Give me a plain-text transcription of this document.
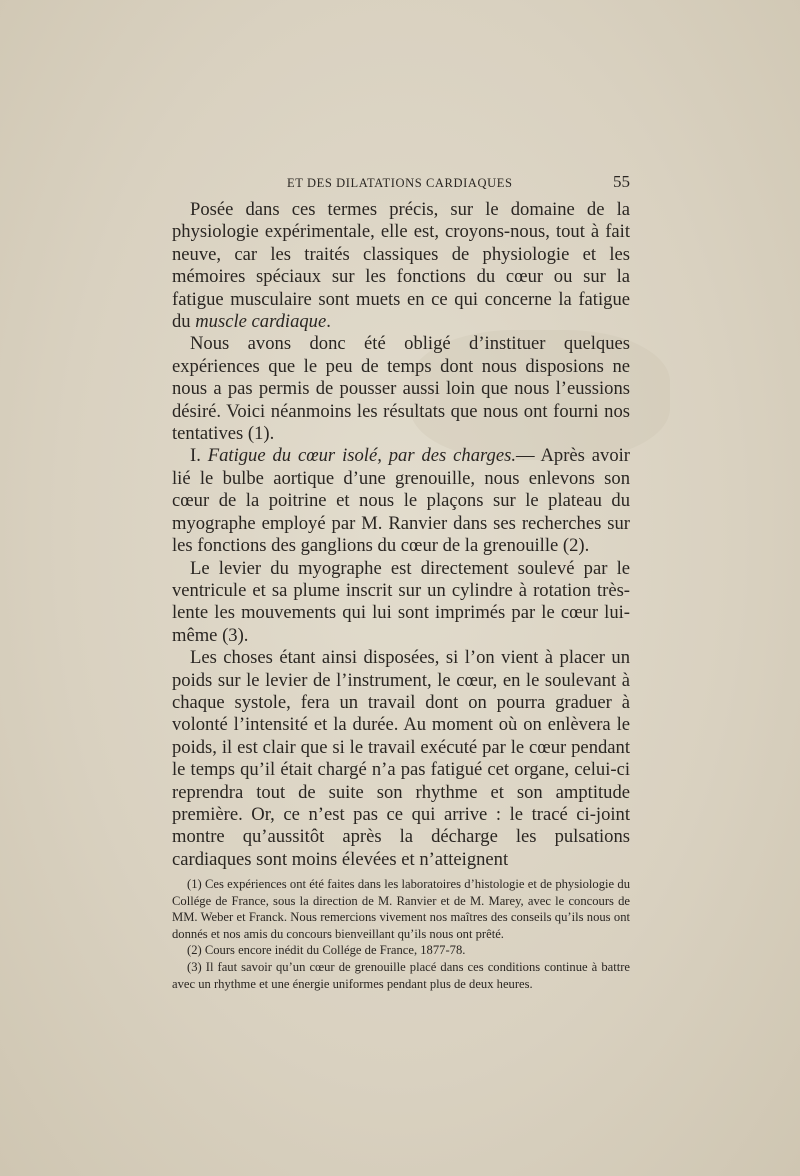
ET DES DILATATIONS CARDIAQUES	55

Posée dans ces termes précis, sur le domaine de la physiologie expérimentale, elle est, croyons-nous, tout à fait neuve, car les traités classiques de physiologie et les mémoires spéciaux sur les fonctions du cœur ou sur la fatigue musculaire sont muets en ce qui concerne la fatigue du muscle cardiaque.

Nous avons donc été obligé d’instituer quelques expériences que le peu de temps dont nous disposions ne nous a pas permis de pousser aussi loin que nous l’eussions désiré. Voici néanmoins les résultats que nous ont fourni nos tentatives (1).

I. Fatigue du cœur isolé, par des charges.— Après avoir lié le bulbe aortique d’une grenouille, nous enlevons son cœur de la poitrine et nous le plaçons sur le plateau du myographe employé par M. Ranvier dans ses recherches sur les fonctions des ganglions du cœur de la grenouille (2).

Le levier du myographe est directement soulevé par le ventricule et sa plume inscrit sur un cylindre à rotation très-lente les mouvements qui lui sont imprimés par le cœur lui-même (3).

Les choses étant ainsi disposées, si l’on vient à placer un poids sur le levier de l’instrument, le cœur, en le soulevant à chaque systole, fera un travail dont on pourra graduer à volonté l’intensité et la durée. Au moment où on enlèvera le poids, il est clair que si le travail exécuté par le cœur pendant le temps qu’il était chargé n’a pas fatigué cet organe, celui-ci reprendra tout de suite son rhythme et son amptitude première. Or, ce n’est pas ce qui arrive : le tracé ci-joint montre qu’aussitôt après la décharge les pulsations cardiaques sont moins élevées et n’atteignent

(1) Ces expériences ont été faites dans les laboratoires d’histologie et de physiologie du Collége de France, sous la direction de M. Ranvier et de M. Marey, avec le concours de MM. Weber et Franck. Nous remercions vivement nos maîtres des conseils qu’ils nous ont donnés et nos amis du concours bienveillant qu’ils nous ont prêté.

(2) Cours encore inédit du Collége de France, 1877-78.

(3) Il faut savoir qu’un cœur de grenouille placé dans ces conditions continue à battre avec un rhythme et une énergie uniformes pendant plus de deux heures.
